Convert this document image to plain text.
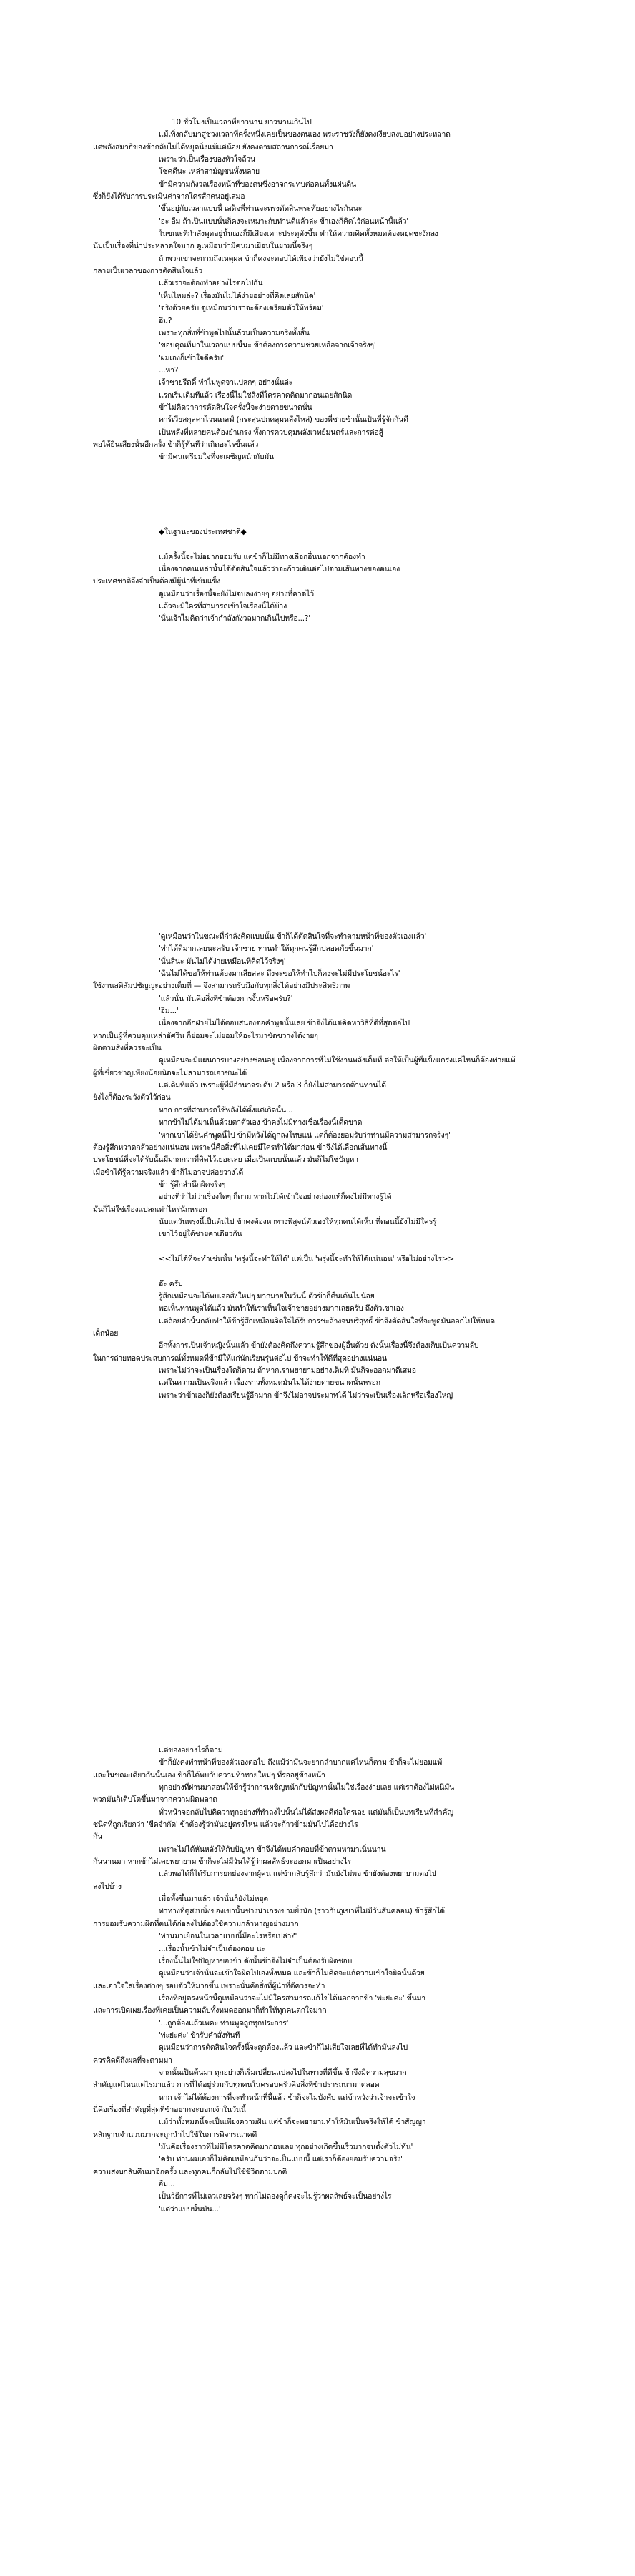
10 ชั่วโมงเป็นเวลาที่ยาวนาน ยาวนานเกินไป
แม้เพิ่งกลับมาสู่ช่วงเวลาที่ครั้งหนึ่งเคยเป็นของตนเอง พระราชวังก็ยังคงเงียบสงบอย่างประหลาด
แต่พลังสมาธิของข้ากลับไม่ได้หยุดนิ่งแม้แต่น้อย ยังคงตามสถานการณ์เรื่อยมา
เพราะว่าเป็นเรื่องของหัวใจล้วน
โชคดีนะ เหล่าสามัญชนทั้งหลาย
ข้ามีความกังวลเรื่องหน้าที่ของตนซึ่งอาจกระทบต่อคนทั้งแผ่นดิน
ซึ่งก็ยังได้รับการประเมินค่าจากใครสักคนอยู่เสมอ
'ขึ้นอยู่กับเวลาแบบนี้ เสด็จพี่ท่านจะทรงตัดสินพระทัยอย่างไรกันนะ'
'อะ อืม ถ้าเป็นแบบนั้นก็คงจะเหมาะกับท่านดีแล้วล่ะ ข้าเองก็คิดไว้ก่อนหน้านี้แล้ว'
ในขณะที่กำลังพูดอยู่นั้นเองก็มีเสียงเคาะประตูดังขึ้น ทำให้ความคิดทั้งหมดต้องหยุดชะงักลง
นับเป็นเรื่องที่น่าประหลาดใจมาก ดูเหมือนว่ามีคนมาเยือนในยามนี้จริงๆ
ถ้าพวกเขาจะถามถึงเหตุผล ข้าก็คงจะตอบได้เพียงว่ายังไม่ใช่ตอนนี้
กลายเป็นเวลาของการตัดสินใจแล้ว
แล้วเราจะต้องทำอย่างไรต่อไปกัน
'เห็นไหมล่ะ? เรื่องมันไม่ได้ง่ายอย่างที่คิดเลยสักนิด'
'จริงด้วยครับ ดูเหมือนว่าเราจะต้องเตรียมตัวให้พร้อม'
อืม?
เพราะทุกสิ่งที่ข้าพูดไปนั้นล้วนเป็นความจริงทั้งสิ้น
'ขอบคุณที่มาในเวลาแบบนี้นะ ข้าต้องการความช่วยเหลือจากเจ้าจริงๆ'
'ผมเองก็เข้าใจดีครับ'
...หา?
เจ้าชายรีดดี้ ทำไมพูดจาแปลกๆ อย่างนั้นล่ะ
แรกเริ่มเดิมทีแล้ว เรื่องนี้ไม่ใช่สิ่งที่ใครคาดคิดมาก่อนเลยสักนิด
ข้าไม่คิดว่าการตัดสินใจครั้งนี้จะง่ายดายขนาดนั้น
คาร์เวียสกุลค่าไวนเดลฟ์ (กระสุนปกคลุมหลังไหล่) ของพี่ชายข้านั้นเป็นที่รู้จักกันดี
เป็นพลังที่หลายคนต้องยำเกรง ทั้งการควบคุมพลังเวทย์มนตร์และการต่อสู้
พอได้ยินเสียงนั้นอีกครั้ง ข้าก็รู้ทันทีว่าเกิดอะไรขึ้นแล้ว
ข้ามีคนเตรียมใจที่จะเผชิญหน้ากับมัน
◆ในฐานะของประเทศชาติ◆
แม้ครั้งนี้จะไม่อยากยอมรับ แต่ข้าก็ไม่มีทางเลือกอื่นนอกจากต้องทำ
เนื่องจากคนเหล่านั้นได้ตัดสินใจแล้วว่าจะก้าวเดินต่อไปตามเส้นทางของตนเอง
ประเทศชาติจึงจำเป็นต้องมีผู้นำที่เข้มแข็ง
ดูเหมือนว่าเรื่องนี้จะยังไม่จบลงง่ายๆ อย่างที่คาดไว้
แล้วจะมีใครที่สามารถเข้าใจเรื่องนี้ได้บ้าง
'นั่นเจ้าไม่คิดว่าเจ้ากำลังกังวลมากเกินไปหรือ...?'
'ดูเหมือนว่าในขณะที่กำลังคิดแบบนั้น ข้าก็ได้ตัดสินใจที่จะทำตามหน้าที่ของตัวเองแล้ว'
'ทำได้ดีมากเลยนะครับ เจ้าชาย ท่านทำให้ทุกคนรู้สึกปลอดภัยขึ้นมาก'
'นั่นสินะ มันไม่ได้ง่ายเหมือนที่คิดไว้จริงๆ'
'ฉันไม่ได้ขอให้ท่านต้องมาเสียสละ ถึงจะขอให้ทำไปก็คงจะไม่มีประโยชน์อะไร'
ใช้งานสติสัมปชัญญะอย่างเต็มที่ — จึงสามารถรับมือกับทุกสิ่งได้อย่างมีประสิทธิภาพ
'แล้วนั่น มันคือสิ่งที่ข้าต้องการงั้นหรือครับ?'
'อืม...'
เนื่องจากอีกฝ่ายไม่ได้ตอบสนองต่อคำพูดนั้นเลย ข้าจึงได้แต่คิดหาวิธีที่ดีที่สุดต่อไป
หากเป็นผู้ที่ควบคุมเหล่าอัศวิน ก็ย่อมจะไม่ยอมให้อะไรมาขัดขวางได้ง่ายๆ
ผิดตามสิ่งที่ควรจะเป็น
ดูเหมือนจะมีแผนการบางอย่างซ่อนอยู่ เนื่องจากการที่ไม่ใช้งานพลังเต็มที่ ต่อให้เป็นผู้ที่แข็งแกร่งแค่ไหนก็ต้องพ่ายแพ้
ผู้ที่เชี่ยวชาญเพียงน้อยนิดจะไม่สามารถเอาชนะได้
แต่เดิมทีแล้ว เพราะผู้ที่มีอำนาจระดับ 2 หรือ 3 ก็ยังไม่สามารถต้านทานได้
ยังไงก็ต้องระวังตัวไว้ก่อน
หาก การที่สามารถใช้พลังได้ตั้งแต่เกิดนั้น...
หากข้าไม่ได้มาเห็นด้วยตาตัวเอง ข้าคงไม่มีทางเชื่อเรื่องนี้เด็ดขาด
'หากเขาได้ยินคำพูดนี้ไป ข้ามีหวังได้ถูกลงโทษแน่ แต่ก็ต้องยอมรับว่าท่านมีความสามารถจริงๆ'
ต้องรู้สึกหวาดกลัวอย่างแน่นอน เพราะนี่คือสิ่งที่ไม่เคยมีใครทำได้มาก่อน ข้าจึงได้เลือกเส้นทางนี้
ประโยชน์ที่จะได้รับนั้นมีมากกว่าที่คิดไว้เยอะเลย เมื่อเป็นแบบนั้นแล้ว มันก็ไม่ใช่ปัญหา
เมื่อข้าได้รู้ความจริงแล้ว ข้าก็ไม่อาจปล่อยวางได้
ข้า รู้สึกสำนึกผิดจริงๆ
อย่างที่ว่าไม่ว่าเรื่องใดๆ ก็ตาม หากไม่ได้เข้าใจอย่างถ่องแท้ก็คงไม่มีทางรู้ได้
มันก็ไม่ใช่เรื่องแปลกเท่าไหร่นักหรอก
นับแต่วันพรุ่งนี้เป็นต้นไป ข้าคงต้องหาทางพิสูจน์ตัวเองให้ทุกคนได้เห็น ที่ตอนนี้ยังไม่มีใครรู้
เขาไว้อยู่ใต้ชายคาเดียวกัน
<<ไม่ได้ที่จะทำเช่นนั้น 'พรุ่งนี้จะทำให้ได้' แต่เป็น 'พรุ่งนี้จะทำให้ได้แน่นอน' หรือไม่อย่างไร>>
อ๊ะ ครับ
รู้สึกเหมือนจะได้พบเจอสิ่งใหม่ๆ มากมายในวันนี้ ตัวข้าก็ตื่นเต้นไม่น้อย
พอเห็นท่านพูดได้แล้ว มันทำให้เราเห็นใจเจ้าชายอย่างมากเลยครับ ถึงตัวเขาเอง
แต่ถ้อยคำนั้นกลับทำให้ข้ารู้สึกเหมือนจิตใจได้รับการชะล้างจนบริสุทธิ์ ข้าจึงตัดสินใจที่จะพูดมันออกไปให้หมด
เด็กน้อย
อีกทั้งการเป็นเจ้าหญิงนั้นแล้ว ข้ายังต้องคิดถึงความรู้สึกของผู้อื่นด้วย ดังนั้นเรื่องนี้จึงต้องเก็บเป็นความลับ
ในการถ่ายทอดประสบการณ์ทั้งหมดที่ข้ามีให้แก่นักเรียนรุ่นต่อไป ข้าจะทำให้ดีที่สุดอย่างแน่นอน
เพราะไม่ว่าจะเป็นเรื่องใดก็ตาม ถ้าหากเราพยายามอย่างเต็มที่ มันก็จะออกมาดีเสมอ
แต่ในความเป็นจริงแล้ว เรื่องราวทั้งหมดมันไม่ได้ง่ายดายขนาดนั้นหรอก
เพราะว่าข้าเองก็ยังต้องเรียนรู้อีกมาก ข้าจึงไม่อาจประมาทได้ ไม่ว่าจะเป็นเรื่องเล็กหรือเรื่องใหญ่
แต่ของอย่างไรก็ตาม
ข้าก็ยังคงทำหน้าที่ของตัวเองต่อไป ถึงแม้ว่ามันจะยากลำบากแค่ไหนก็ตาม ข้าก็จะไม่ยอมแพ้
และในขณะเดียวกันนั้นเอง ข้าก็ได้พบกับความท้าทายใหม่ๆ ที่รออยู่ข้างหน้า
ทุกอย่างที่ผ่านมาสอนให้ข้ารู้ว่าการเผชิญหน้ากับปัญหานั้นไม่ใช่เรื่องง่ายเลย แต่เราต้องไม่หนีมัน
พวกมันก็เติบโตขึ้นมาจากความผิดพลาด
ทั่วหน้าจอกลับไปคิดว่าทุกอย่างที่ทำลงไปนั้นไม่ได้ส่งผลดีต่อใครเลย แต่มันก็เป็นบทเรียนที่สำคัญ
ชนิดที่ถูกเรียกว่า 'ขีดจำกัด' ข้าต้องรู้ว่ามันอยู่ตรงไหน แล้วจะก้าวข้ามมันไปได้อย่างไร
กัน
เพราะไม่ได้หันหลังให้กับปัญหา ข้าจึงได้พบคำตอบที่ข้าตามหามาเนิ่นนาน
กันนานมา หากข้าไม่เคยพยายาม ข้าก็จะไม่มีวันได้รู้ว่าผลลัพธ์จะออกมาเป็นอย่างไร
แล้วพอได้ก็ได้รับการยกย่องจากผู้คน แต่ข้ากลับรู้สึกว่ามันยังไม่พอ ข้ายังต้องพยายามต่อไป
ลงไปบ้าง
เมื่อทั้งขึ้นมาแล้ว เจ้านั่นก็ยังไม่หยุด
ท่าทางที่ดูสงบนิ่งของเขานั้นช่างน่าเกรงขามยิ่งนัก (ราวกับภูเขาที่ไม่มีวันสั่นคลอน) ข้ารู้สึกได้
การยอมรับความผิดที่ตนได้ก่อลงไปต้องใช้ความกล้าหาญอย่างมาก
'ท่านมาเยือนในเวลาแบบนี้มีอะไรหรือเปล่า?'
...เรื่องนั้นข้าไม่จำเป็นต้องตอบ นะ
เรื่องนั้นไม่ใช่ปัญหาของข้า ดังนั้นข้าจึงไม่จำเป็นต้องรับผิดชอบ
ดูเหมือนว่าเจ้านั่นจะเข้าใจผิดไปเองทั้งหมด และข้าก็ไม่คิดจะแก้ความเข้าใจผิดนั้นด้วย
และเอาใจใส่เรื่องต่างๆ รอบตัวให้มากขึ้น เพราะนั่นคือสิ่งที่ผู้นำที่ดีควรจะทำ
เรื่องที่อยู่ตรงหน้านี้ดูเหมือนว่าจะไม่มีใครสามารถแก้ไขได้นอกจากข้า 'พ่ะย่ะค่ะ' ขึ้นมา
และการเปิดเผยเรื่องที่เคยเป็นความลับทั้งหมดออกมาก็ทำให้ทุกคนตกใจมาก
'...ถูกต้องแล้วเพคะ ท่านพูดถูกทุกประการ'
'พ่ะย่ะค่ะ' ข้ารับคำสั่งทันที
ดูเหมือนว่าการตัดสินใจครั้งนี้จะถูกต้องแล้ว และข้าก็ไม่เสียใจเลยที่ได้ทำมันลงไป
ควรคิดดีถึงผลที่จะตามมา
จากนั้นเป็นต้นมา ทุกอย่างก็เริ่มเปลี่ยนแปลงไปในทางที่ดีขึ้น ข้าจึงมีความสุขมาก
สำคัญแต่ไหนแต่ไรมาแล้ว การที่ได้อยู่ร่วมกับทุกคนในครอบครัวคือสิ่งที่ข้าปรารถนามาตลอด
หาก เจ้าไม่ได้ต้องการที่จะทำหน้าที่นี้แล้ว ข้าก็จะไม่บังคับ แต่ข้าหวังว่าเจ้าจะเข้าใจ
นี่คือเรื่องที่สำคัญที่สุดที่ข้าอยากจะบอกเจ้าในวันนี้
แม้ว่าทั้งหมดนี้จะเป็นเพียงความฝัน แต่ข้าก็จะพยายามทำให้มันเป็นจริงให้ได้ ข้าสัญญา
หลักฐานจำนวนมากจะถูกนำไปใช้ในการพิจารณาคดี
'มันคือเรื่องราวที่ไม่มีใครคาดคิดมาก่อนเลย ทุกอย่างเกิดขึ้นเร็วมากจนตั้งตัวไม่ทัน'
'ครับ ท่านผมเองก็ไม่คิดเหมือนกันว่าจะเป็นแบบนี้ แต่เราก็ต้องยอมรับความจริง'
ความสงบกลับคืนมาอีกครั้ง และทุกคนก็กลับไปใช้ชีวิตตามปกติ
อืม...
เป็นวิธีการที่ไม่เลวเลยจริงๆ หากไม่ลองดูก็คงจะไม่รู้ว่าผลลัพธ์จะเป็นอย่างไร
'แต่ว่าแบบนั้นมัน...'
